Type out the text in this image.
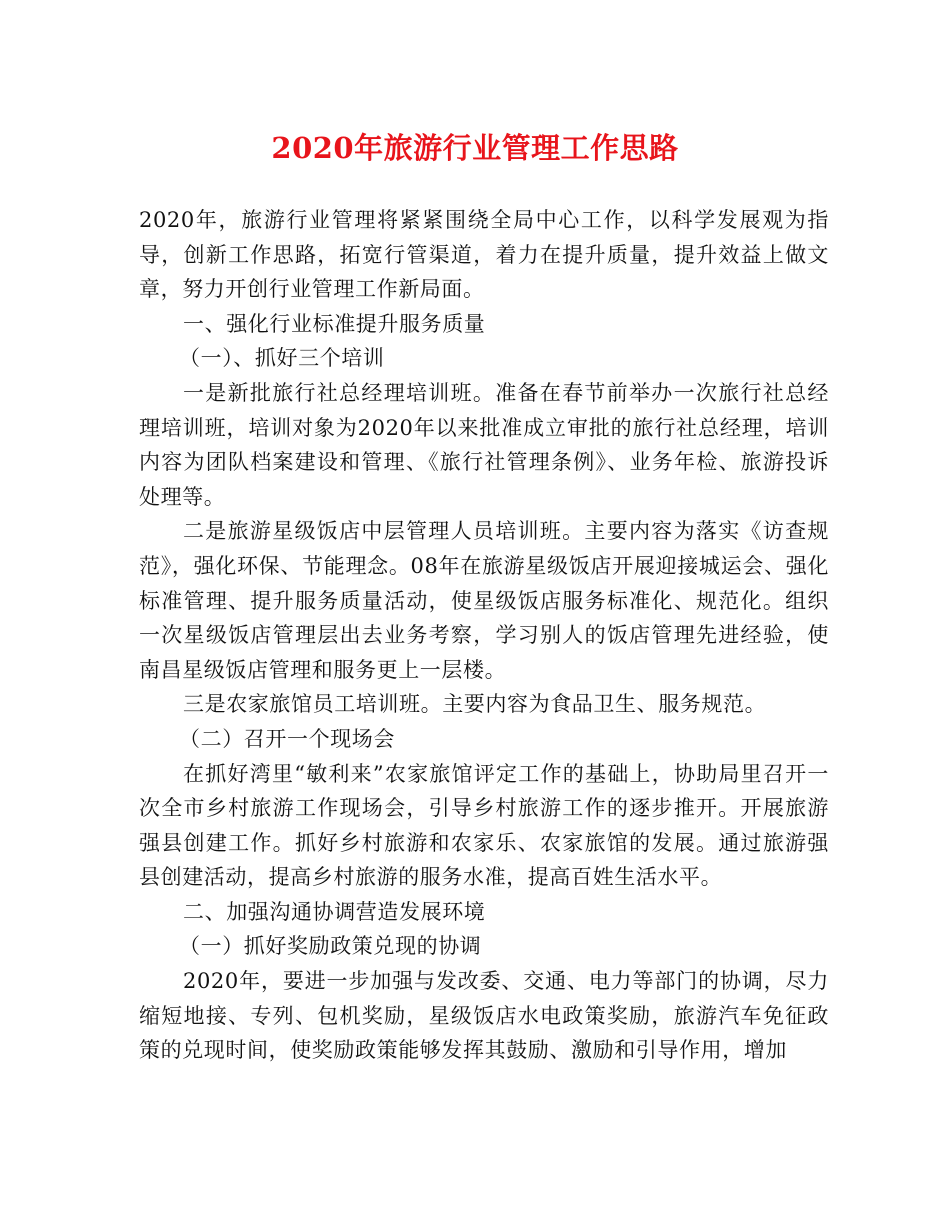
2020年旅游行业管理工作思路

2020年，旅游行业管理将紧紧围绕全局中心工作，以科学发展观为指导，创新工作思路，拓宽行管渠道，着力在提升质量，提升效益上做文章，努力开创行业管理工作新局面。

一、强化行业标准提升服务质量

（一）、抓好三个培训

一是新批旅行社总经理培训班。准备在春节前举办一次旅行社总经理培训班，培训对象为2020年以来批准成立审批的旅行社总经理，培训内容为团队档案建设和管理、《旅行社管理条例》、业务年检、旅游投诉处理等。

二是旅游星级饭店中层管理人员培训班。主要内容为落实《访查规范》，强化环保、节能理念。08年在旅游星级饭店开展迎接城运会、强化标准管理、提升服务质量活动，使星级饭店服务标准化、规范化。组织一次星级饭店管理层出去业务考察，学习别人的饭店管理先进经验，使南昌星级饭店管理和服务更上一层楼。

三是农家旅馆员工培训班。主要内容为食品卫生、服务规范。

（二）召开一个现场会

在抓好湾里“敏利来”农家旅馆评定工作的基础上，协助局里召开一次全市乡村旅游工作现场会，引导乡村旅游工作的逐步推开。开展旅游强县创建工作。抓好乡村旅游和农家乐、农家旅馆的发展。通过旅游强县创建活动，提高乡村旅游的服务水准，提高百姓生活水平。

二、加强沟通协调营造发展环境

（一）抓好奖励政策兑现的协调

2020年，要进一步加强与发改委、交通、电力等部门的协调，尽力缩短地接、专列、包机奖励，星级饭店水电政策奖励，旅游汽车免征政策的兑现时间，使奖励政策能够发挥其鼓励、激励和引导作用，增加
